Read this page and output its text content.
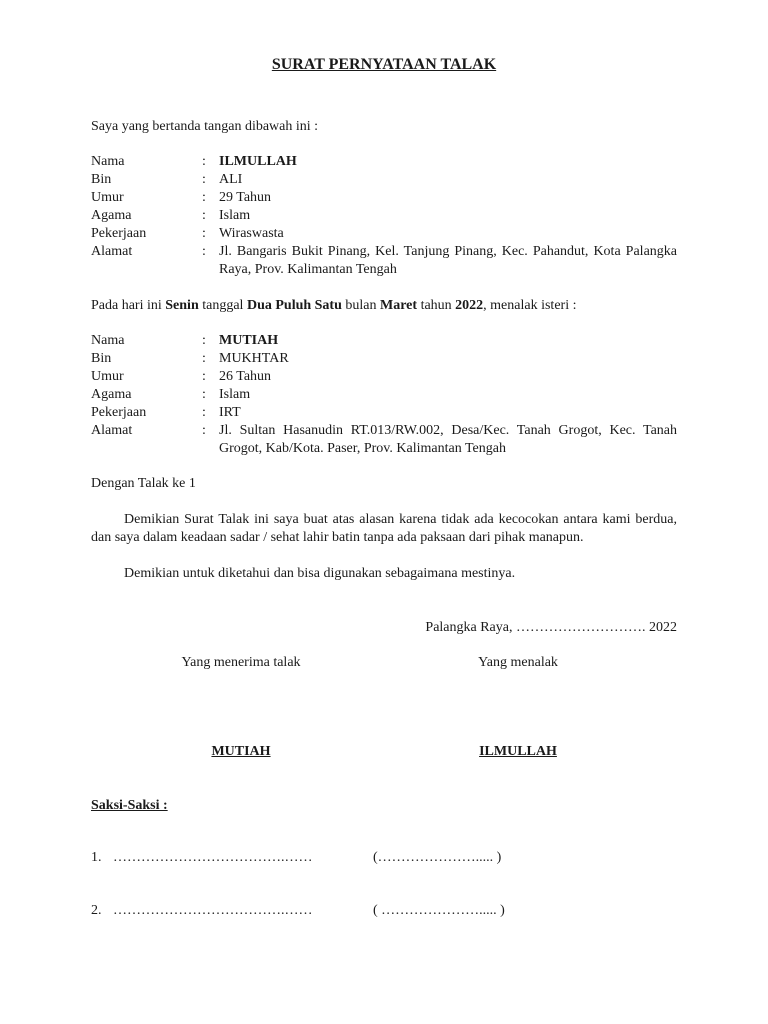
SURAT PERNYATAAN TALAK
Saya yang bertanda tangan dibawah ini :
Nama	: ILMULLAH
Bin	: ALI
Umur	: 29 Tahun
Agama	: Islam
Pekerjaan	: Wiraswasta
Alamat	: Jl. Bangaris Bukit Pinang, Kel. Tanjung Pinang, Kec. Pahandut, Kota Palangka Raya, Prov. Kalimantan Tengah
Pada hari ini Senin tanggal Dua Puluh Satu bulan Maret tahun 2022, menalak isteri :
Nama	: MUTIAH
Bin	: MUKHTAR
Umur	: 26 Tahun
Agama	: Islam
Pekerjaan	: IRT
Alamat	: Jl. Sultan Hasanudin RT.013/RW.002, Desa/Kec. Tanah Grogot, Kec. Tanah Grogot, Kab/Kota. Paser, Prov. Kalimantan Tengah
Dengan Talak ke 1
Demikian Surat Talak ini saya buat atas alasan karena tidak ada kecocokan antara kami berdua, dan saya dalam keadaan sadar / sehat lahir batin tanpa ada paksaan dari pihak manapun.
Demikian untuk diketahui dan bisa digunakan sebagaimana mestinya.
Palangka Raya, ………………………. 2022
Yang menerima talak	Yang menalak
MUTIAH	ILMULLAH
Saksi-Saksi :
1. ……………………………….……	(…………………..... )
2. ……………………………….……	( …………………..... )
